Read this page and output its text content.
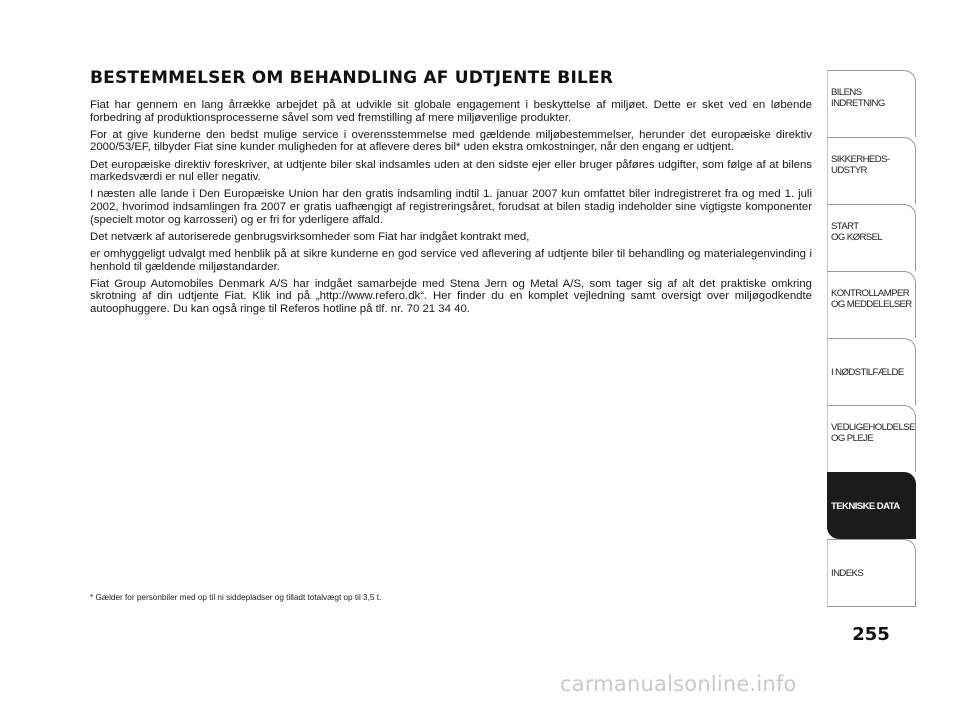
BESTEMMELSER OM BEHANDLING AF UDTJENTE BILER

Fiat har gennem en lang årrække arbejdet på at udvikle sit globale engagement i beskyttelse af miljøet. Dette er sket ved en løbende forbedring af produktionsprocesserne såvel som ved fremstilling af mere miljøvenlige produkter.

For at give kunderne den bedst mulige service i overensstemmelse med gældende miljøbestemmelser, herunder det europæiske direktiv 2000/53/EF, tilbyder Fiat sine kunder muligheden for at aflevere deres bil* uden ekstra omkostninger, når den engang er udtjent.

Det europæiske direktiv foreskriver, at udtjente biler skal indsamles uden at den sidste ejer eller bruger påføres udgifter, som følge af at bilens markedsværdi er nul eller negativ.

I næsten alle lande i Den Europæiske Union har den gratis indsamling indtil 1. januar 2007 kun omfattet biler indregistreret fra og med 1. juli 2002, hvorimod indsamlingen fra 2007 er gratis uafhængigt af registreringsåret, forudsat at bilen stadig indeholder sine vigtigste komponenter (specielt motor og karrosseri) og er fri for yderligere affald.

Det netværk af autoriserede genbrugsvirksomheder som Fiat har indgået kontrakt med,

er omhyggeligt udvalgt med henblik på at sikre kunderne en god service ved aflevering af udtjente biler til behandling og materialegenvinding i henhold til gældende miljøstandarder.

Fiat Group Automobiles Denmark A/S har indgået samarbejde med Stena Jern og Metal A/S, som tager sig af alt det praktiske omkring skrotning af din udtjente Fiat. Klik ind på „http://www.refero.dk“. Her finder du en komplet vejledning samt oversigt over miljøgodkendte autoophuggere. Du kan også ringe til Referos hotline på tlf. nr. 70 21 34 40.

* Gælder for personbiler med op til ni siddepladser og tilladt totalvægt op til 3,5 t.
BILENS
INDRETNING
SIKKERHEDS-
UDSTYR
START
OG KØRSEL
KONTROLLAMPER
OG MEDDELELSER
I NØDSTILFÆLDE
VEDLIGEHOLDELSE
OG PLEJE
TEKNISKE DATA
INDEKS
255
carmanualsonline.info
